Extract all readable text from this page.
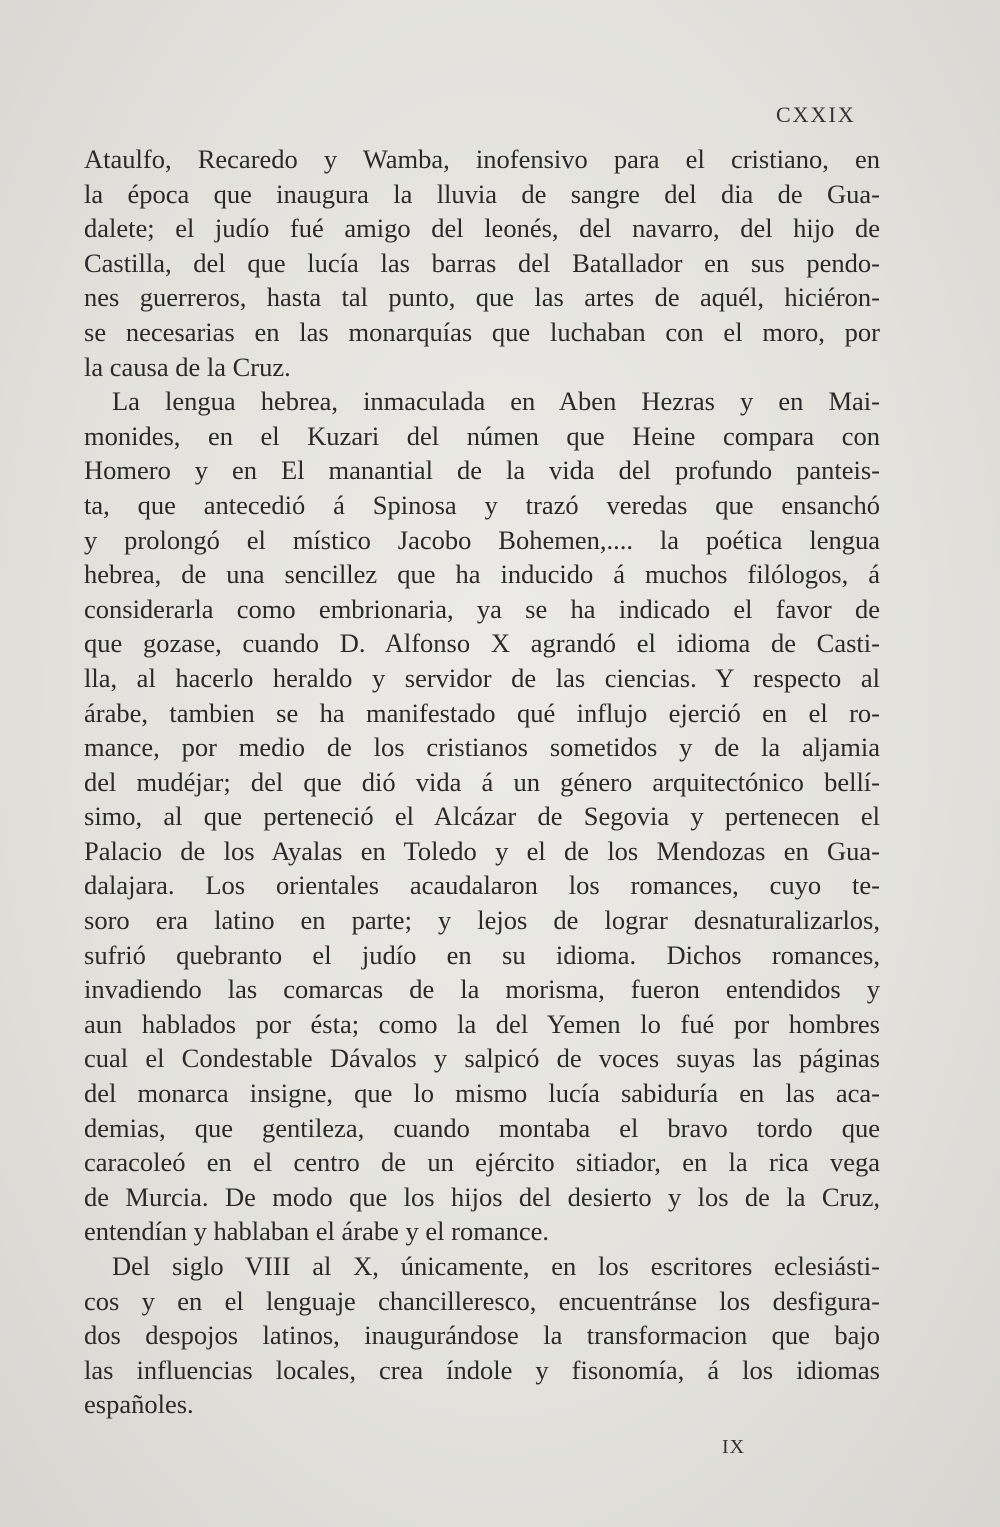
CXXIX
Ataulfo, Recaredo y Wamba, inofensivo para el cristiano, en
la época que inaugura la lluvia de sangre del dia de Gua-
dalete; el judío fué amigo del leonés, del navarro, del hijo de
Castilla, del que lucía las barras del Batallador en sus pendo-
nes guerreros, hasta tal punto, que las artes de aquél, hiciéron-
se necesarias en las monarquías que luchaban con el moro, por
la causa de la Cruz.
La lengua hebrea, inmaculada en Aben Hezras y en Mai-
monides, en el Kuzari del númen que Heine compara con
Homero y en El manantial de la vida del profundo panteis-
ta, que antecedió á Spinosa y trazó veredas que ensanchó
y prolongó el místico Jacobo Bohemen,.... la poética lengua
hebrea, de una sencillez que ha inducido á muchos filólogos, á
considerarla como embrionaria, ya se ha indicado el favor de
que gozase, cuando D. Alfonso X agrandó el idioma de Casti-
lla, al hacerlo heraldo y servidor de las ciencias. Y respecto al
árabe, tambien se ha manifestado qué influjo ejerció en el ro-
mance, por medio de los cristianos sometidos y de la aljamia
del mudéjar; del que dió vida á un género arquitectónico bellí-
simo, al que perteneció el Alcázar de Segovia y pertenecen el
Palacio de los Ayalas en Toledo y el de los Mendozas en Gua-
dalajara. Los orientales acaudalaron los romances, cuyo te-
soro era latino en parte; y lejos de lograr desnaturalizarlos,
sufrió quebranto el judío en su idioma. Dichos romances,
invadiendo las comarcas de la morisma, fueron entendidos y
aun hablados por ésta; como la del Yemen lo fué por hombres
cual el Condestable Dávalos y salpicó de voces suyas las páginas
del monarca insigne, que lo mismo lucía sabiduría en las aca-
demias, que gentileza, cuando montaba el bravo tordo que
caracoleó en el centro de un ejército sitiador, en la rica vega
de Murcia. De modo que los hijos del desierto y los de la Cruz,
entendían y hablaban el árabe y el romance.
Del siglo VIII al X, únicamente, en los escritores eclesiásti-
cos y en el lenguaje chancilleresco, encuentránse los desfigura-
dos despojos latinos, inaugurándose la transformacion que bajo
las influencias locales, crea índole y fisonomía, á los idiomas
españoles.
IX
